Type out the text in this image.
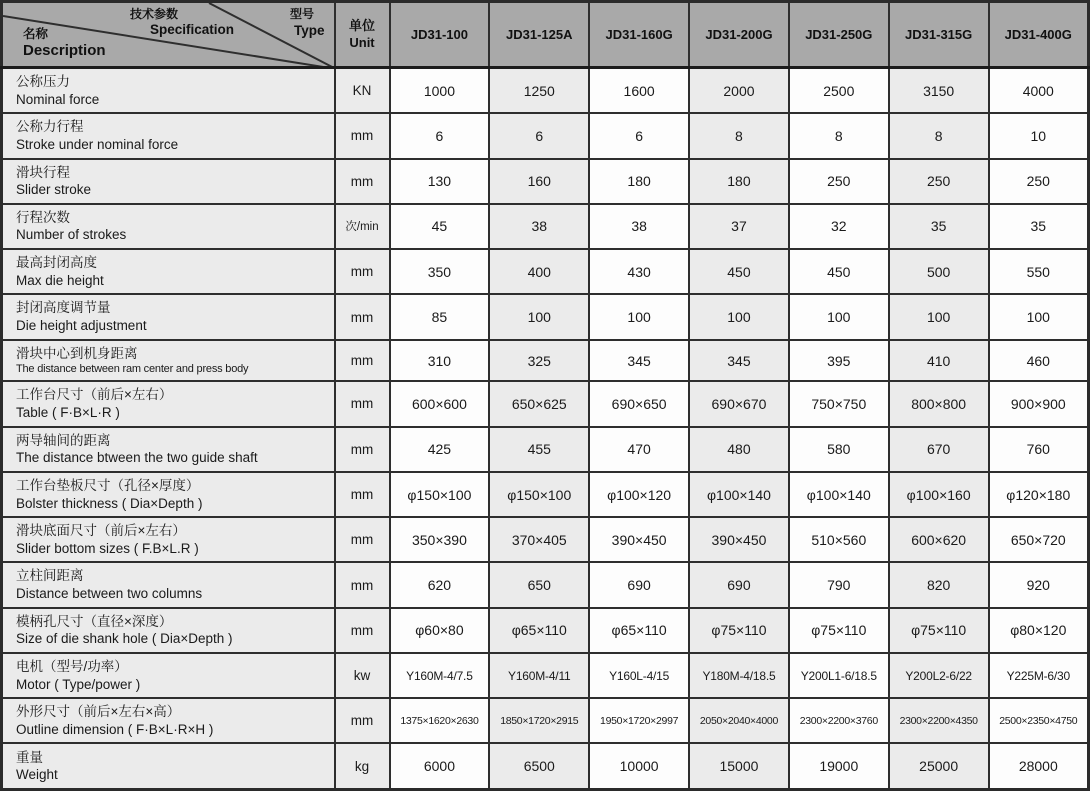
技术参数
Specification
型号
Type
名称
Description
	单位
Unit	JD31-100	JD31-125A	JD31-160G	JD31-200G	JD31-250G	JD31-315G	JD31-400G

公称压力
Nominal force	KN	1000	1250	1600	2000	2500	3150	4000

公称力行程
Stroke under nominal force	mm	6	6	6	8	8	8	10

滑块行程
Slider stroke	mm	130	160	180	180	250	250	250

行程次数
Number of strokes	次/min	45	38	38	37	32	35	35

最高封闭高度
Max die height	mm	350	400	430	450	450	500	550

封闭高度调节量
Die height adjustment	mm	85	100	100	100	100	100	100

滑块中心到机身距离
The distance between ram center and press body	mm	310	325	345	345	395	410	460

工作台尺寸（前后×左右）
Table ( F·B×L·R )	mm	600×600	650×625	690×650	690×670	750×750	800×800	900×900

两导轴间的距离
The distance btween the two guide shaft	mm	425	455	470	480	580	670	760

工作台垫板尺寸（孔径×厚度）
Bolster thickness ( Dia×Depth )	mm	φ150×100	φ150×100	φ100×120	φ100×140	φ100×140	φ100×160	φ120×180

滑块底面尺寸（前后×左右）
Slider bottom sizes ( F.B×L.R )	mm	350×390	370×405	390×450	390×450	510×560	600×620	650×720

立柱间距离
Distance between two columns	mm	620	650	690	690	790	820	920

模柄孔尺寸（直径×深度）
Size of die shank hole ( Dia×Depth )	mm	φ60×80	φ65×110	φ65×110	φ75×110	φ75×110	φ75×110	φ80×120

电机（型号/功率）
Motor ( Type/power )	kw	Y160M-4/7.5	Y160M-4/11	Y160L-4/15	Y180M-4/18.5	Y200L1-6/18.5	Y200L2-6/22	Y225M-6/30

外形尺寸（前后×左右×高）
Outline dimension ( F·B×L·R×H )	mm	1375×1620×2630	1850×1720×2915	1950×1720×2997	2050×2040×4000	2300×2200×3760	2300×2200×4350	2500×2350×4750

重量
Weight	kg	6000	6500	10000	15000	19000	25000	28000
